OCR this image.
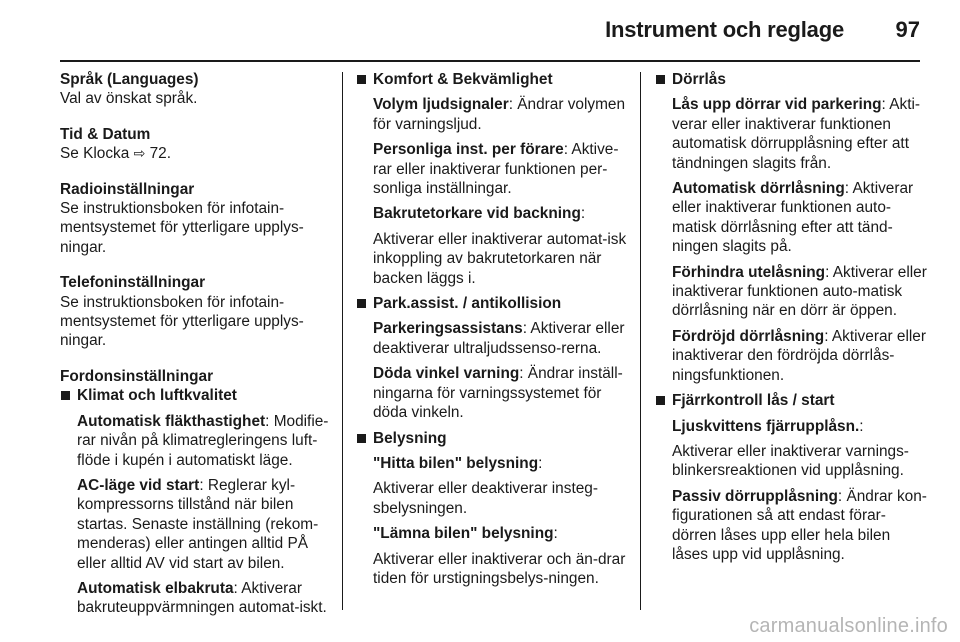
Instrument och reglage 97
Språk (Languages)
Val av önskat språk.
Tid & Datum
Se Klocka ⇨ 72.
Radioinställningar
Se instruktionsboken för infotain-mentsystemet för ytterligare upplys-ningar.
Telefoninställningar
Se instruktionsboken för infotain-mentsystemet för ytterligare upplys-ningar.
Fordonsinställningar
Klimat och luftkvalitet
Automatisk fläkthastighet: Modifie-rar nivån på klimatregleringens luft-flöde i kupén i automatiskt läge.
AC-läge vid start: Reglerar kyl-kompressorns tillstånd när bilen startas. Senaste inställning (rekom-menderas) eller antingen alltid PÅ eller alltid AV vid start av bilen.
Automatisk elbakruta: Aktiverar bakruteuppvärmningen automat-iskt.
Komfort & Bekvämlighet
Volym ljudsignaler: Ändrar volymen för varningsljud.
Personliga inst. per förare: Aktive-rar eller inaktiverar funktionen per-sonliga inställningar.
Bakrutetorkare vid backning:
Aktiverar eller inaktiverar automat-isk inkoppling av bakrutetorkaren när backen läggs i.
Park.assist. / antikollision
Parkeringsassistans: Aktiverar eller deaktiverar ultraljudssenso-rerna.
Döda vinkel varning: Ändrar inställ-ningarna för varningssystemet för döda vinkeln.
Belysning
"Hitta bilen" belysning:
Aktiverar eller deaktiverar insteg-sbelysningen.
"Lämna bilen" belysning:
Aktiverar eller inaktiverar och än-drar tiden för urstigningsbelys-ningen.
Dörrlås
Lås upp dörrar vid parkering: Akti-verar eller inaktiverar funktionen automatisk dörrupplåsning efter att tändningen slagits från.
Automatisk dörrlåsning: Aktiverar eller inaktiverar funktionen auto-matisk dörrlåsning efter att tänd-ningen slagits på.
Förhindra utelåsning: Aktiverar eller inaktiverar funktionen auto-matisk dörrlåsning när en dörr är öppen.
Fördröjd dörrlåsning: Aktiverar eller inaktiverar den fördröjda dörrlås-ningsfunktionen.
Fjärrkontroll lås / start
Ljuskvittens fjärrupplåsn.:
Aktiverar eller inaktiverar varnings-blinkersreaktionen vid upplåsning.
Passiv dörrupplåsning: Ändrar kon-figurationen så att endast förar-dörren låses upp eller hela bilen låses upp vid upplåsning.
carmanualsonline.info
